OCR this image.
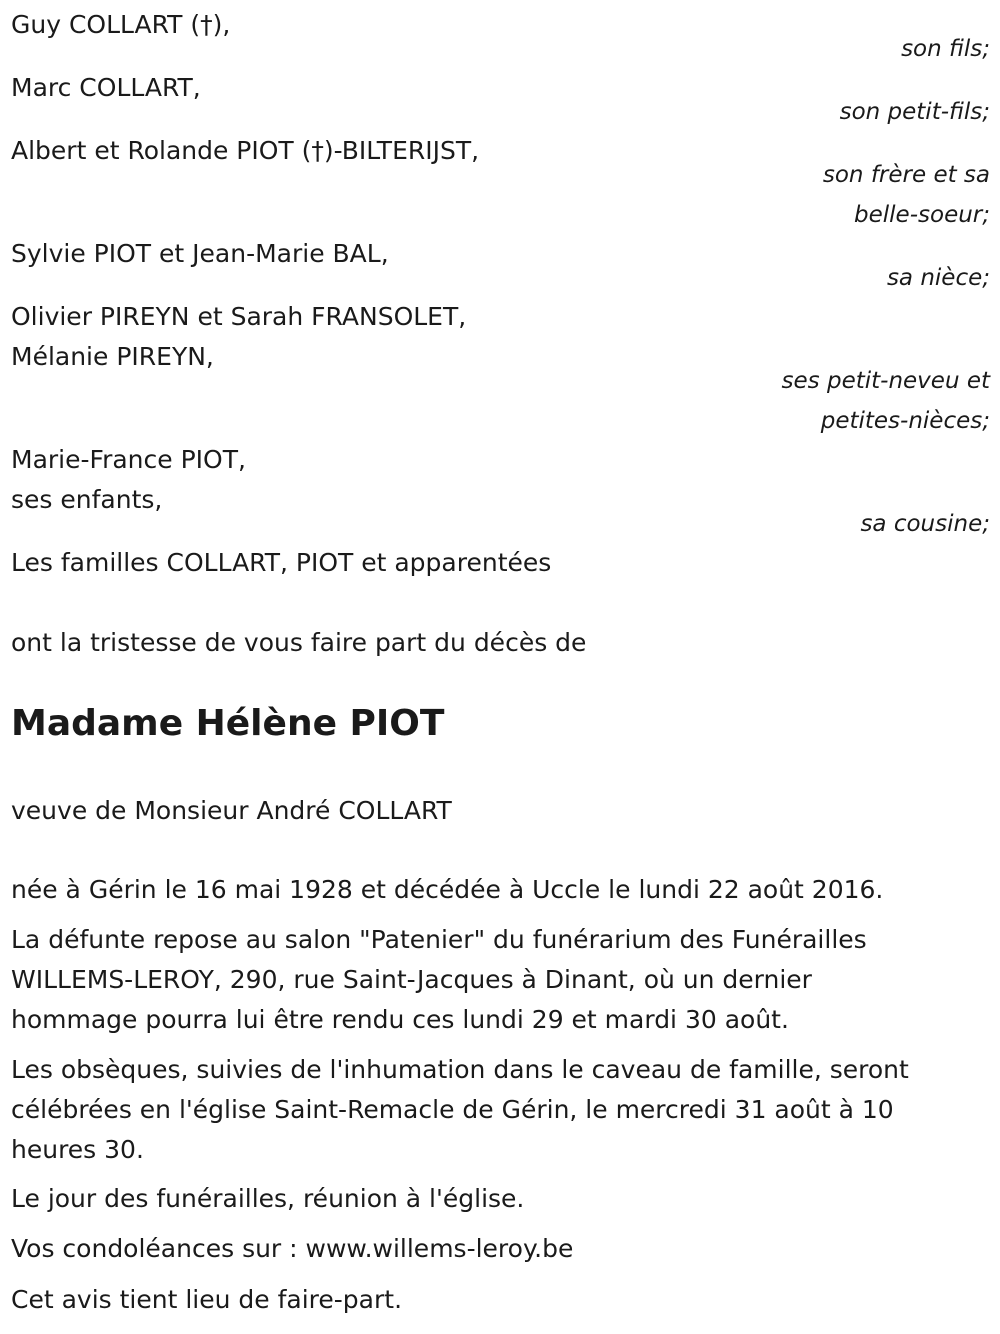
Guy COLLART (†),
son fils;
Marc COLLART,
son petit-fils;
Albert et Rolande PIOT (†)-BILTERIJST,
son frère et sa
belle-soeur;
Sylvie PIOT et Jean-Marie BAL,
sa nièce;
Olivier PIREYN et Sarah FRANSOLET,
Mélanie PIREYN,
ses petit-neveu et
petites-nièces;
Marie-France PIOT,
ses enfants,
sa cousine;
Les familles COLLART, PIOT et apparentées
ont la tristesse de vous faire part du décès de
Madame Hélène PIOT
veuve de Monsieur André COLLART
née à Gérin le 16 mai 1928 et décédée à Uccle le lundi 22 août 2016.
La défunte repose au salon "Patenier" du funérarium des Funérailles
WILLEMS-LEROY, 290, rue Saint-Jacques à Dinant, où un dernier
hommage pourra lui être rendu ces lundi 29 et mardi 30 août.
Les obsèques, suivies de l'inhumation dans le caveau de famille, seront
célébrées en l'église Saint-Remacle de Gérin, le mercredi 31 août à 10
heures 30.
Le jour des funérailles, réunion à l'église.
Vos condoléances sur : www.willems-leroy.be
Cet avis tient lieu de faire-part.
